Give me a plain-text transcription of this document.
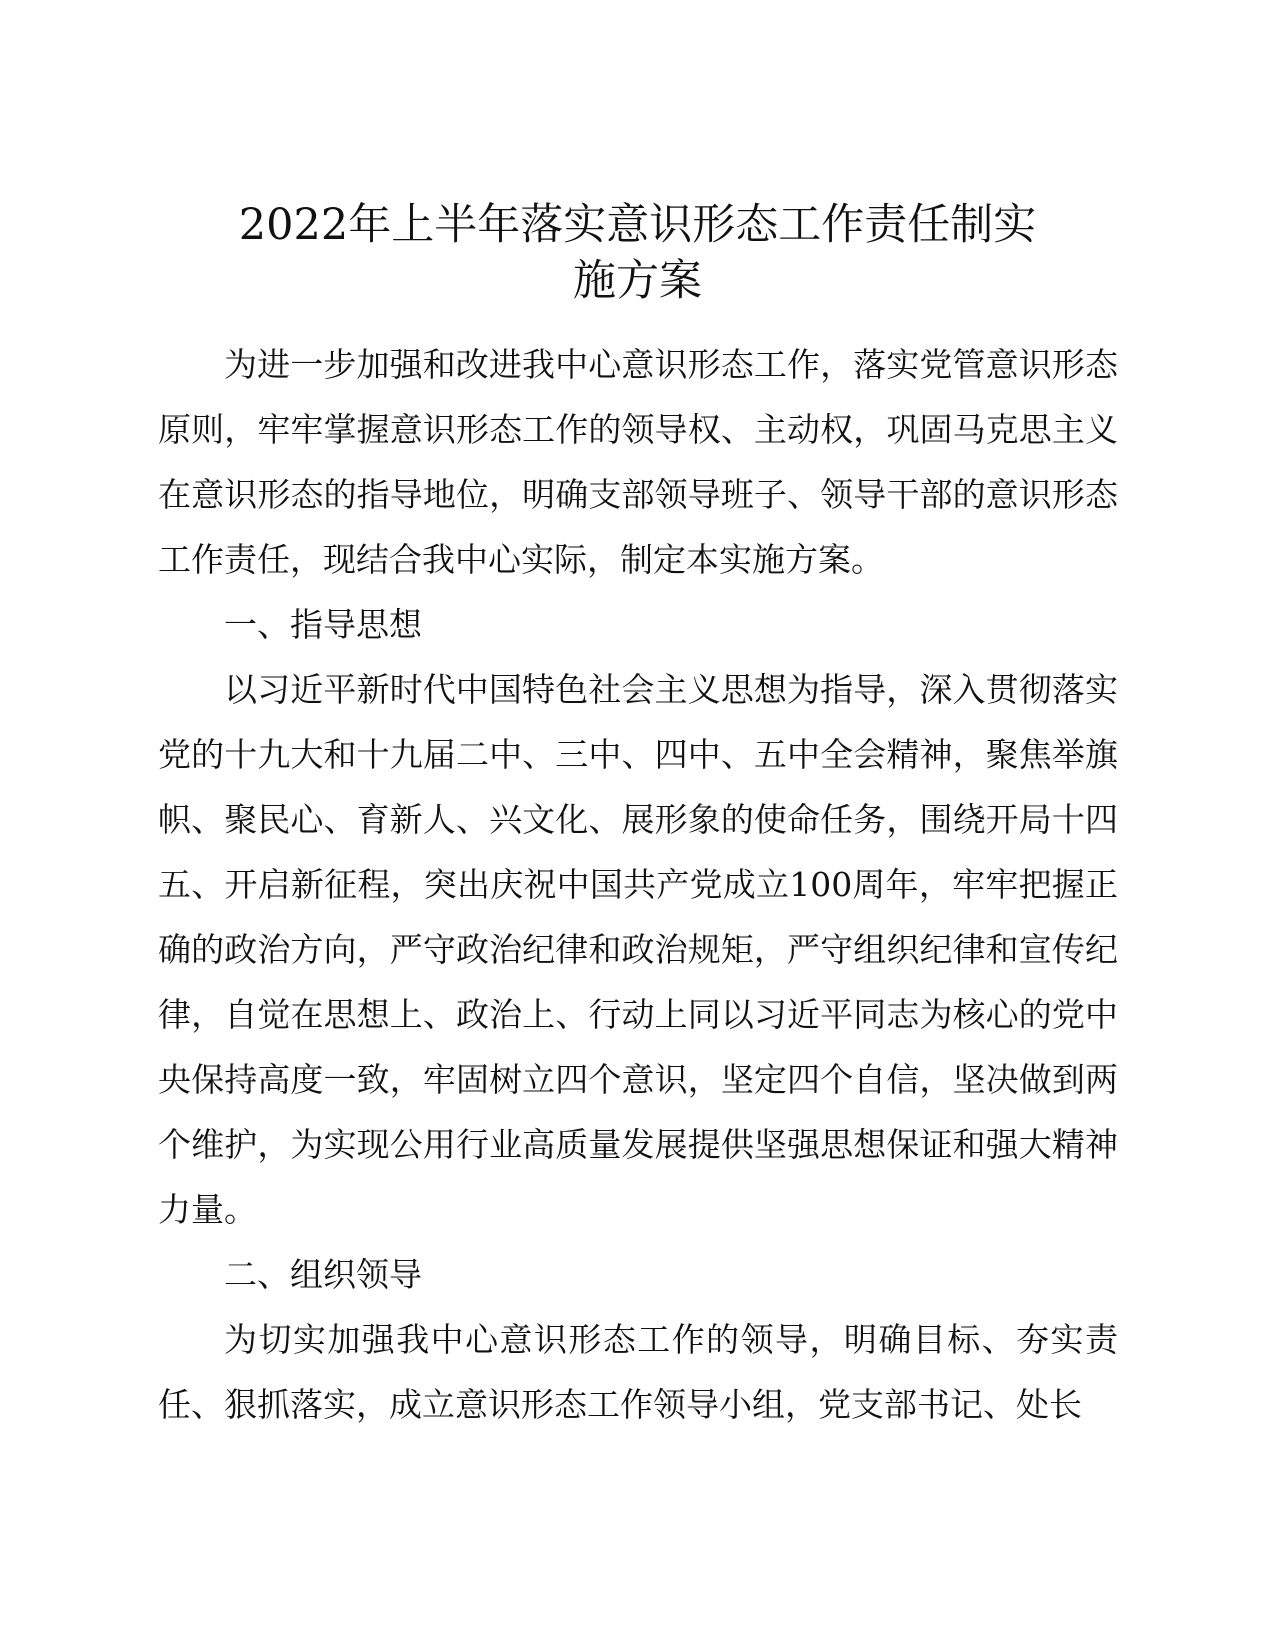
2022年上半年落实意识形态工作责任制实
施方案

为进一步加强和改进我中心意识形态工作，落实党管意识形态原则，牢牢掌握意识形态工作的领导权、主动权，巩固马克思主义在意识形态的指导地位，明确支部领导班子、领导干部的意识形态工作责任，现结合我中心实际，制定本实施方案。

一、指导思想

以习近平新时代中国特色社会主义思想为指导，深入贯彻落实党的十九大和十九届二中、三中、四中、五中全会精神，聚焦举旗帜、聚民心、育新人、兴文化、展形象的使命任务，围绕开局十四五、开启新征程，突出庆祝中国共产党成立100周年，牢牢把握正确的政治方向，严守政治纪律和政治规矩，严守组织纪律和宣传纪律，自觉在思想上、政治上、行动上同以习近平同志为核心的党中央保持高度一致，牢固树立四个意识，坚定四个自信，坚决做到两个维护，为实现公用行业高质量发展提供坚强思想保证和强大精神力量。

二、组织领导

为切实加强我中心意识形态工作的领导，明确目标、夯实责任、狠抓落实，成立意识形态工作领导小组，党支部书记、处长
